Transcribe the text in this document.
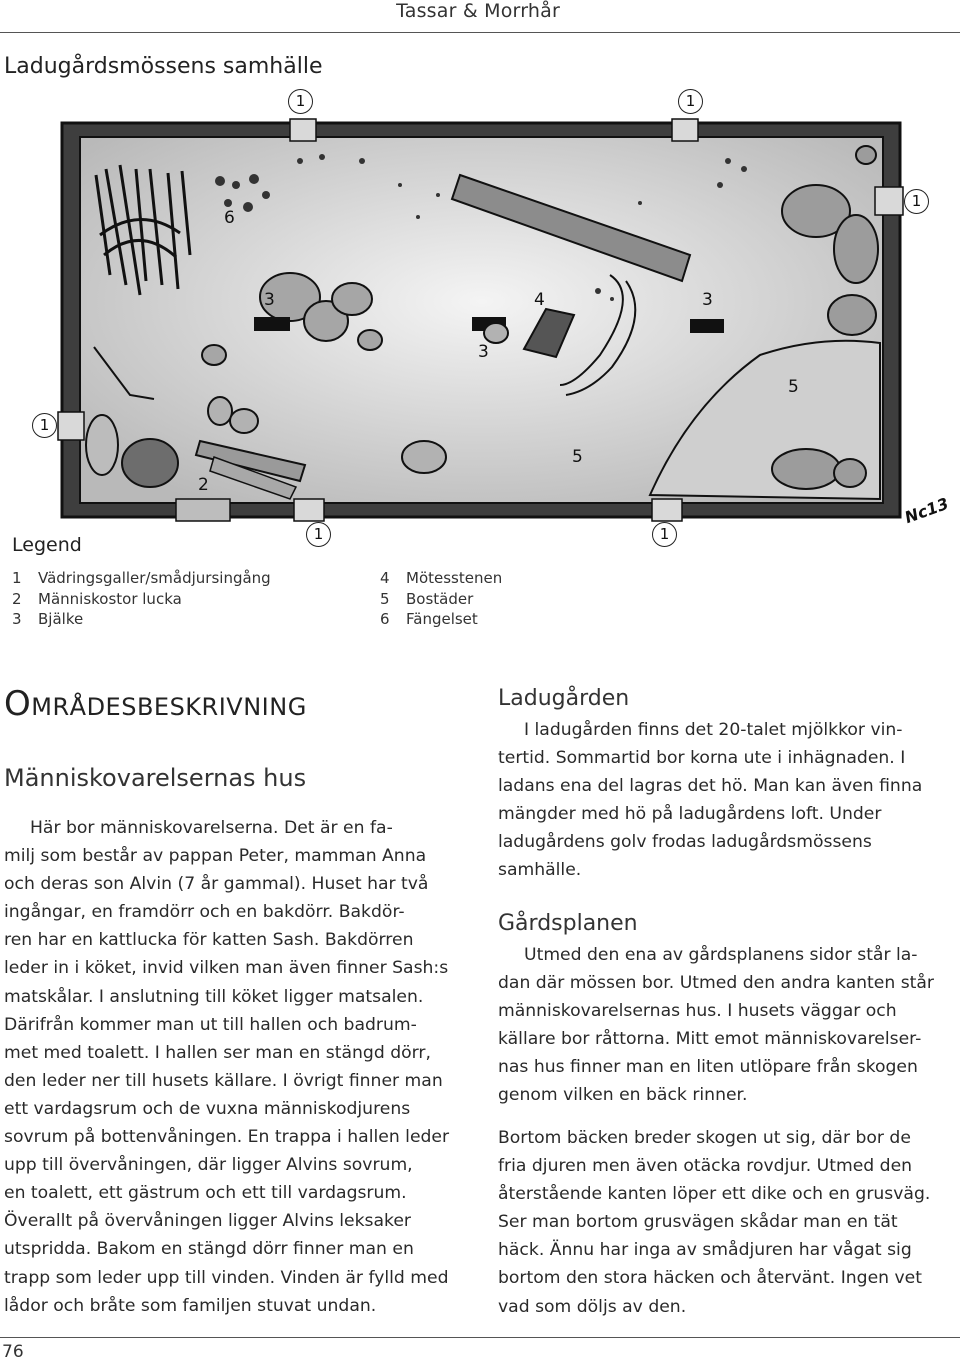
Tassar & Morrhår
Ladugårdsmössens samhälle
1	1
1
1
1	1
6
3	4	3
3
5
5
2
Nc13
Legend
1 Vädringsgaller/smådjursingång
2 Människostor lucka
3 Bjälke
4 Mötesstenen
5 Bostäder
6 Fängelset
Områdesbeskrivning
Människovarelsernas hus

Här bor människovarelserna. Det är en fa-

milj som består av pappan Peter, mamman Anna

och deras son Alvin (7 år gammal). Huset har två

ingångar, en framdörr och en bakdörr. Bakdör-

ren har en kattlucka för katten Sash. Bakdörren

leder in i köket, invid vilken man även finner Sash:s

matskålar. I anslutning till köket ligger matsalen.

Därifrån kommer man ut till hallen och badrum-

met med toalett. I hallen ser man en stängd dörr,

den leder ner till husets källare. I övrigt finner man

ett vardagsrum och de vuxna människodjurens

sovrum på bottenvåningen. En trappa i hallen leder

upp till övervåningen, där ligger Alvins sovrum,

en toalett, ett gästrum och ett till vardagsrum.

Överallt på övervåningen ligger Alvins leksaker

utspridda. Bakom en stängd dörr finner man en

trapp som leder upp till vinden. Vinden är fylld med

lådor och bråte som familjen stuvat undan.

Ladugården

I ladugården finns det 20-talet mjölkkor vin-

tertid. Sommartid bor korna ute i inhägnaden. I

ladans ena del lagras det hö. Man kan även finna

mängder med hö på ladugårdens loft. Under

ladugårdens golv frodas ladugårdsmössens

samhälle.

Gårdsplanen

Utmed den ena av gårdsplanens sidor står la-

dan där mössen bor. Utmed den andra kanten står

människovarelsernas hus. I husets väggar och

källare bor råttorna. Mitt emot människovarelser-

nas hus finner man en liten utlöpare från skogen

genom vilken en bäck rinner.

Bortom bäcken breder skogen ut sig, där bor de

fria djuren men även otäcka rovdjur. Utmed den

återstående kanten löper ett dike och en grusväg.

Ser man bortom grusvägen skådar man en tät

häck. Ännu har inga av smådjuren har vågat sig

bortom den stora häcken och återvänt. Ingen vet

vad som döljs av den.

76
